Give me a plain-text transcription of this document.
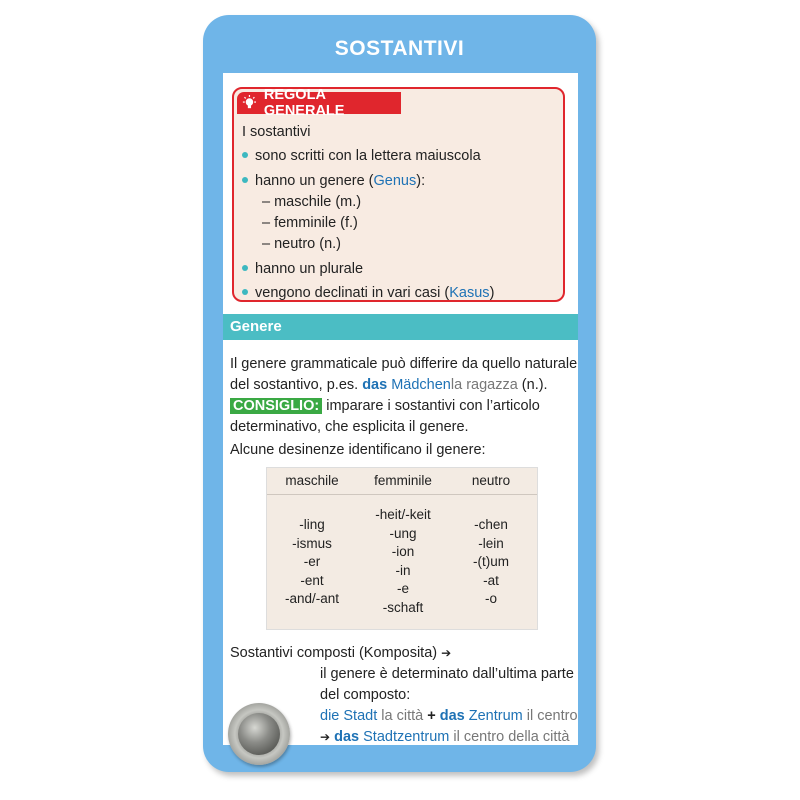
SOSTANTIVI
REGOLA GENERALE
I sostantivi
sono scritti con la lettera maiuscola
hanno un genere (Genus):
– maschile (m.)
– femminile (f.)
– neutro (n.)
hanno un plurale
vengono declinati in vari casi (Kasus)
Genere
Il genere grammaticale può differire da quello naturale
del sostantivo, p.es. das Mädchenla ragazza (n.).
CONSIGLIO: imparare i sostantivi con l’articolo
determinativo, che esplicita il genere.
Alcune desinenze identificano il genere:
maschile	femminile	neutro
-ling
-ismus
-er
-ent
-and/-ant
-heit/-keit
-ung
-ion
-in
-e
-schaft
-chen
-lein
-(t)um
-at
-o
Sostantivi composti (Komposita) ➔
il genere è determinato dall’ultima parte
del composto:
die Stadt la città + das Zentrum il centro
➔ das Stadtzentrum il centro della città
